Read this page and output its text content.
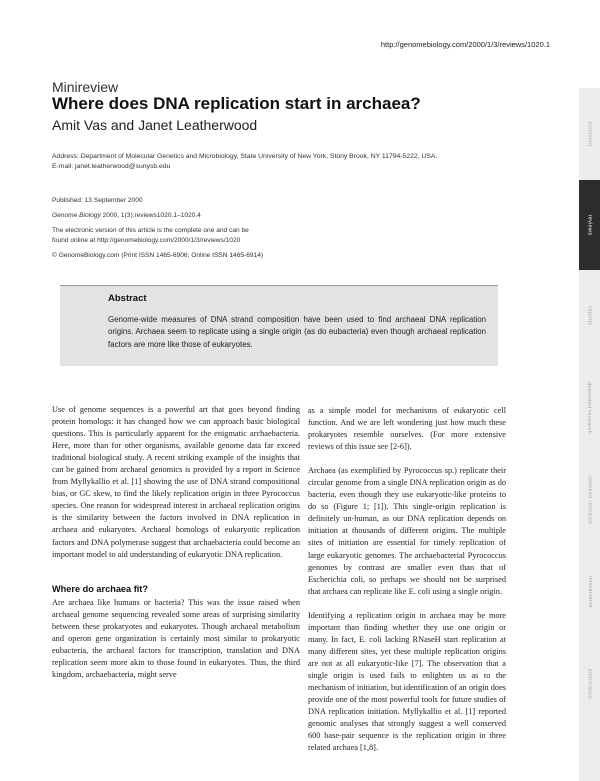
http://genomebiology.com/2000/1/3/reviews/1020.1
Minireview
Where does DNA replication start in archaea?
Amit Vas and Janet Leatherwood
Address: Department of Molecular Genetics and Microbiology, State University of New York, Stony Brook, NY 11794-5222, USA.
E-mail: janet.leatherwood@sunysb.edu
Published: 13 September 2000
Genome Biology 2000, 1(3):reviews1020.1–1020.4
The electronic version of this article is the complete one and can be
found online at http://genomebiology.com/2000/1/3/reviews/1020
© GenomeBiology.com (Print ISSN 1465-6906; Online ISSN 1465-6914)
Abstract
Genome-wide measures of DNA strand composition have been used to find archaeal DNA replication origins. Archaea seem to replicate using a single origin (as do eubacteria) even though archaeal replication factors are more like those of eukaryotes.

Use of genome sequences is a powerful art that goes beyond finding protein homologs: it has changed how we can approach basic biological questions. This is particularly apparent for the enigmatic archaebacteria. Here, more than for other organisms, available genome data far exceed traditional biological study. A recent striking example of the insights that can be gained from archaeal genomics is provided by a report in Science from Myllykallio et al. [1] showing the use of DNA strand compositional bias, or GC skew, to find the likely replication origin in three Pyrococcus species. One reason for widespread interest in archaeal replication origins is the similarity between the factors involved in DNA replication in archaea and eukaryotes. Archaeal homologs of eukaryotic replication factors and DNA polymerase suggest that archaebacteria could become an important model to aid understanding of eukaryotic DNA replication.

Where do archaea fit?

Are archaea like humans or bacteria? This was the issue raised when archaeal genome sequencing revealed some areas of surprising similarity between these prokaryotes and eukaryotes. Though archaeal metabolism and operon gene organization is certainly most similar to prokaryotic eubacteria, the archaeal factors for transcription, translation and DNA replication seem more akin to those found in eukaryotes. Thus, the third kingdom, archaebacteria, might serve

as a simple model for mechanisms of eukaryotic cell function. And we are left wondering just how much these prokaryotes resemble ourselves. (For more extensive reviews of this issue see [2-6]).

Archaea (as exemplified by Pyrococcus sp.) replicate their circular genome from a single DNA replication origin as do bacteria, even though they use eukaryotic-like proteins to do so (Figure 1; [1]). This single-origin replication is definitely un-human, as our DNA replication depends on initiation at thousands of different origins. The multiple sites of initiation are essential for timely replication of large eukaryotic genomes. The archaebacterial Pyrococcus genomes by contrast are smaller even than that of Escherichia coli, so perhaps we should not be surprised that archaea can replicate like E. coli using a single origin.

Identifying a replication origin in archaea may be more important than finding whether they use one origin or many. In fact, E. coli lacking RNaseH start replication at many different sites, yet these multiple replication origins are not at all eukaryotic-like [7]. The observation that a single origin is used fails to enlighten us as to the mechanism of initiation, but identification of an origin does provide one of the most powerful tools for future studies of DNA replication initiation. Myllykallio et al. [1] reported genomic analyses that strongly suggest a well conserved 600 base-pair sequence is the replication origin in three related archaea [1,8].

comment
reviews
reports
deposited research
refereed research
interactions
information
